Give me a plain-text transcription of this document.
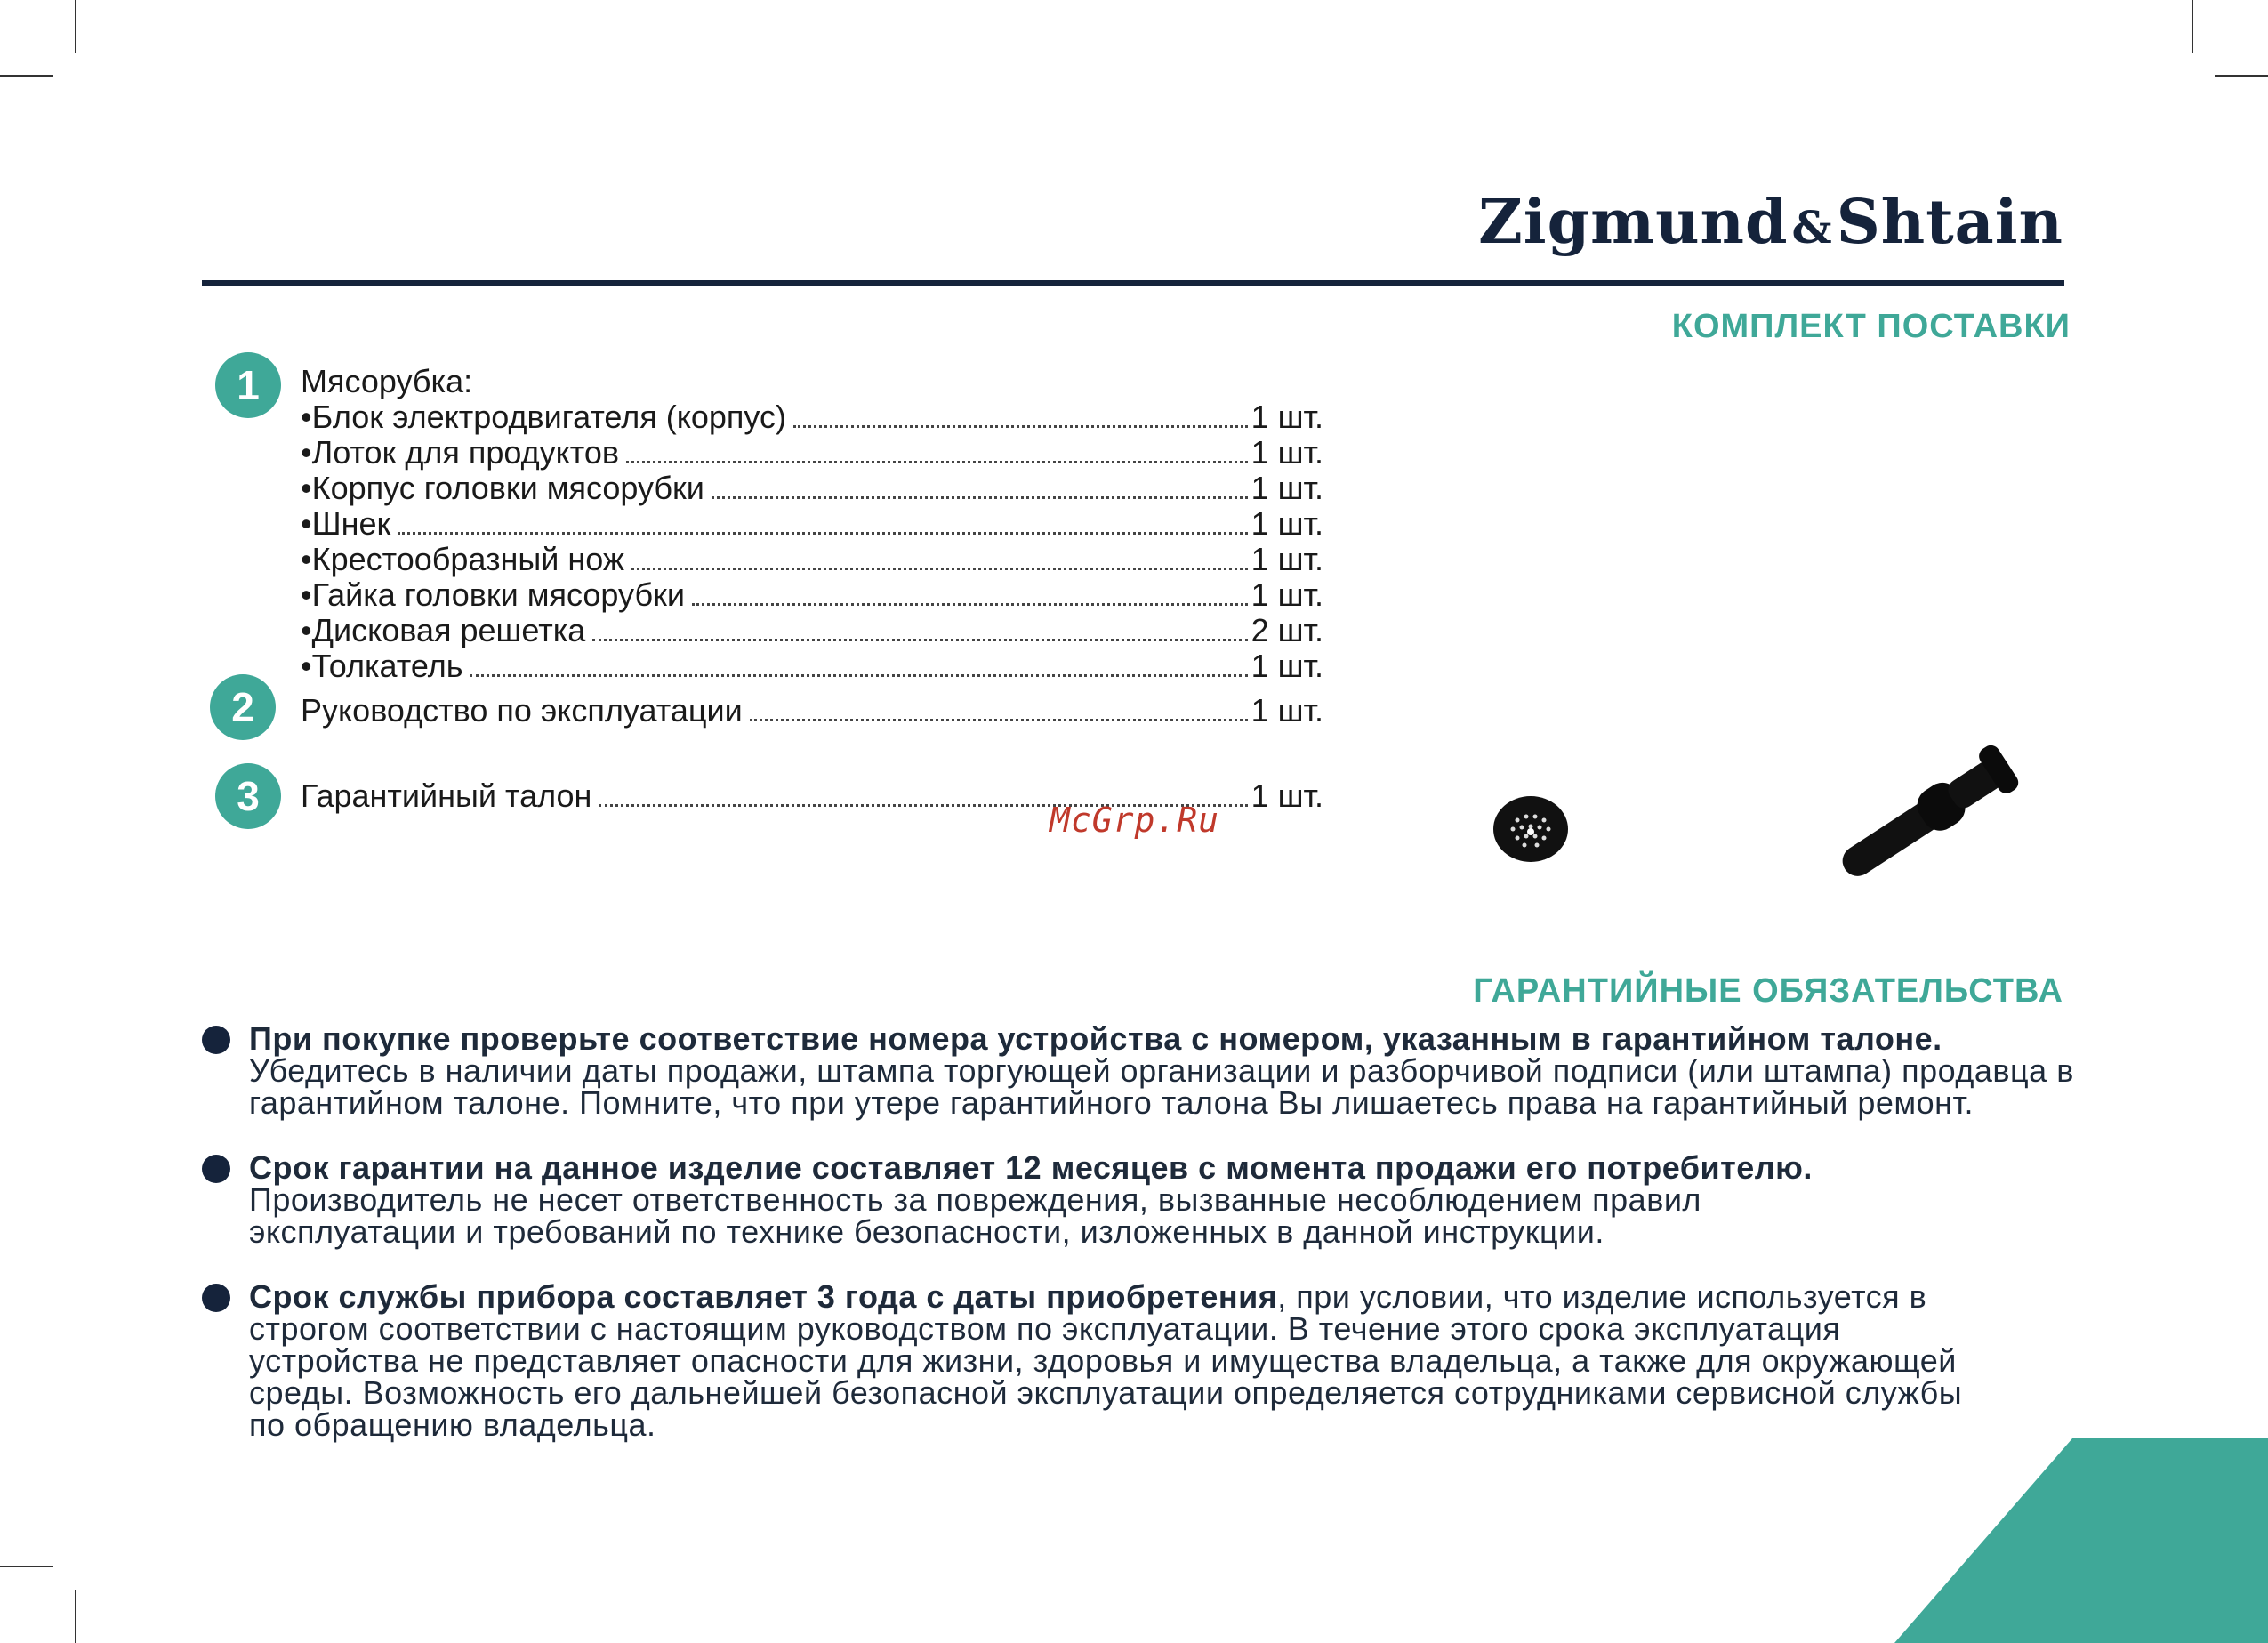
Zigmund&Shtain
КОМПЛЕКТ ПОСТАВКИ
1	Мясорубка:
•Блок электродвигателя (корпус)	1 шт.
•Лоток для продуктов	1 шт.
•Корпус головки мясорубки	1 шт.
•Шнек	1 шт.
•Крестообразный нож	1 шт.
•Гайка головки мясорубки	1 шт.
•Дисковая решетка	2 шт.
•Толкатель	1 шт.
2	Руководство по эксплуатации	1 шт.
3	Гарантийный талон	1 шт.
McGrp.Ru
ГАРАНТИЙНЫЕ ОБЯЗАТЕЛЬСТВА
При покупке проверьте соответствие номера устройства с номером, указанным в гарантийном талоне. Убедитесь в наличии даты продажи, штампа торгующей организации и разборчивой подписи (или штампа) продавца в гарантийном талоне. Помните, что при утере гарантийного талона Вы лишаетесь права на гарантийный ремонт.
Срок гарантии на данное изделие составляет 12 месяцев с момента продажи его потребителю. Производитель не несет ответственность за повреждения, вызванные несоблюдением правил эксплуатации и требований по технике безопасности, изложенных в данной инструкции.
Срок службы прибора составляет 3 года с даты приобретения, при условии, что изделие используется в строгом соответствии с настоящим руководством по эксплуатации. В течение этого срока эксплуатация устройства не представляет опасности для жизни, здоровья и имущества владельца, а также для окружающей среды. Возможность его дальнейшей безопасной эксплуатации определяется сотрудниками сервисной службы по обращению владельца.
